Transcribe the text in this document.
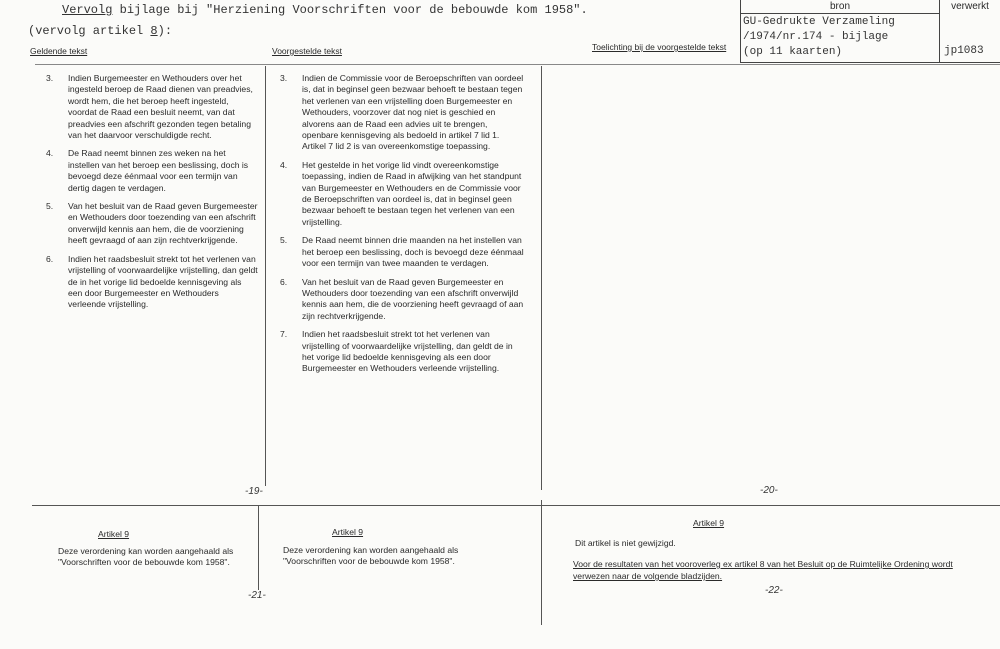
Vervolg bijlage bij "Herziening Voorschriften voor de bebouwde kom 1958".
(vervolg artikel 8):
Geldende tekst	Voorgestelde tekst	Toelichting bij de voorgestelde tekst
bron	verwerkt
GU-Gedrukte Verzameling
/1974/nr.174 - bijlage
(op 11 kaarten)	jp1083

3. Indien Burgemeester en Wethouders over het ingesteld beroep de Raad dienen van preadvies, wordt hem, die het beroep heeft ingesteld, voordat de Raad een besluit neemt, van dat preadvies een afschrift gezonden tegen betaling van het daarvoor verschuldigde recht.

4. De Raad neemt binnen zes weken na het instellen van het beroep een beslissing, doch is bevoegd deze éénmaal voor een termijn van dertig dagen te verdagen.

5. Van het besluit van de Raad geven Burgemeester en Wethouders door toezending van een afschrift onverwijld kennis aan hem, die de voorziening heeft gevraagd of aan zijn rechtverkrijgende.

6. Indien het raadsbesluit strekt tot het verlenen van vrijstelling of voorwaardelijke vrijstelling, dan geldt de in het vorige lid bedoelde kennisgeving als een door Burgemeester en Wethouders verleende vrijstelling.

3. Indien de Commissie voor de Beroepschriften van oordeel is, dat in beginsel geen bezwaar behoeft te bestaan tegen het verlenen van een vrijstelling doen Burgemeester en Wethouders, voorzover dat nog niet is geschied en alvorens aan de Raad een advies uit te brengen, openbare kennisgeving als bedoeld in artikel 7 lid 1. Artikel 7 lid 2 is van overeenkomstige toepassing.

4. Het gestelde in het vorige lid vindt overeenkomstige toepassing, indien de Raad in afwijking van het standpunt van Burgemeester en Wethouders en de Commissie voor de Beroepschriften van oordeel is, dat in beginsel geen bezwaar behoeft te bestaan tegen het verlenen van een vrijstelling.

5. De Raad neemt binnen drie maanden na het instellen van het beroep een beslissing, doch is bevoegd deze éénmaal voor een termijn van twee maanden te verdagen.

6. Van het besluit van de Raad geven Burgemeester en Wethouders door toezending van een afschrift onverwijld kennis aan hem, die de voorziening heeft gevraagd of aan zijn rechtverkrijgende.

7. Indien het raadsbesluit strekt tot het verlenen van vrijstelling of voorwaardelijke vrijstelling, dan geldt de in het vorige lid bedoelde kennisgeving als een door Burgemeester en Wethouders verleende vrijstelling.

-19-	-20-
-21-	-22-
Artikel 9
Deze verordening kan worden aangehaald als "Voorschriften voor de bebouwde kom 1958".
Artikel 9
Deze verordening kan worden aangehaald als "Voorschriften voor de bebouwde kom 1958".
Artikel 9
Dit artikel is niet gewijzigd.
Voor de resultaten van het vooroverleg ex artikel 8 van het Besluit op de Ruimtelijke Ordening wordt verwezen naar de volgende bladzijden.
